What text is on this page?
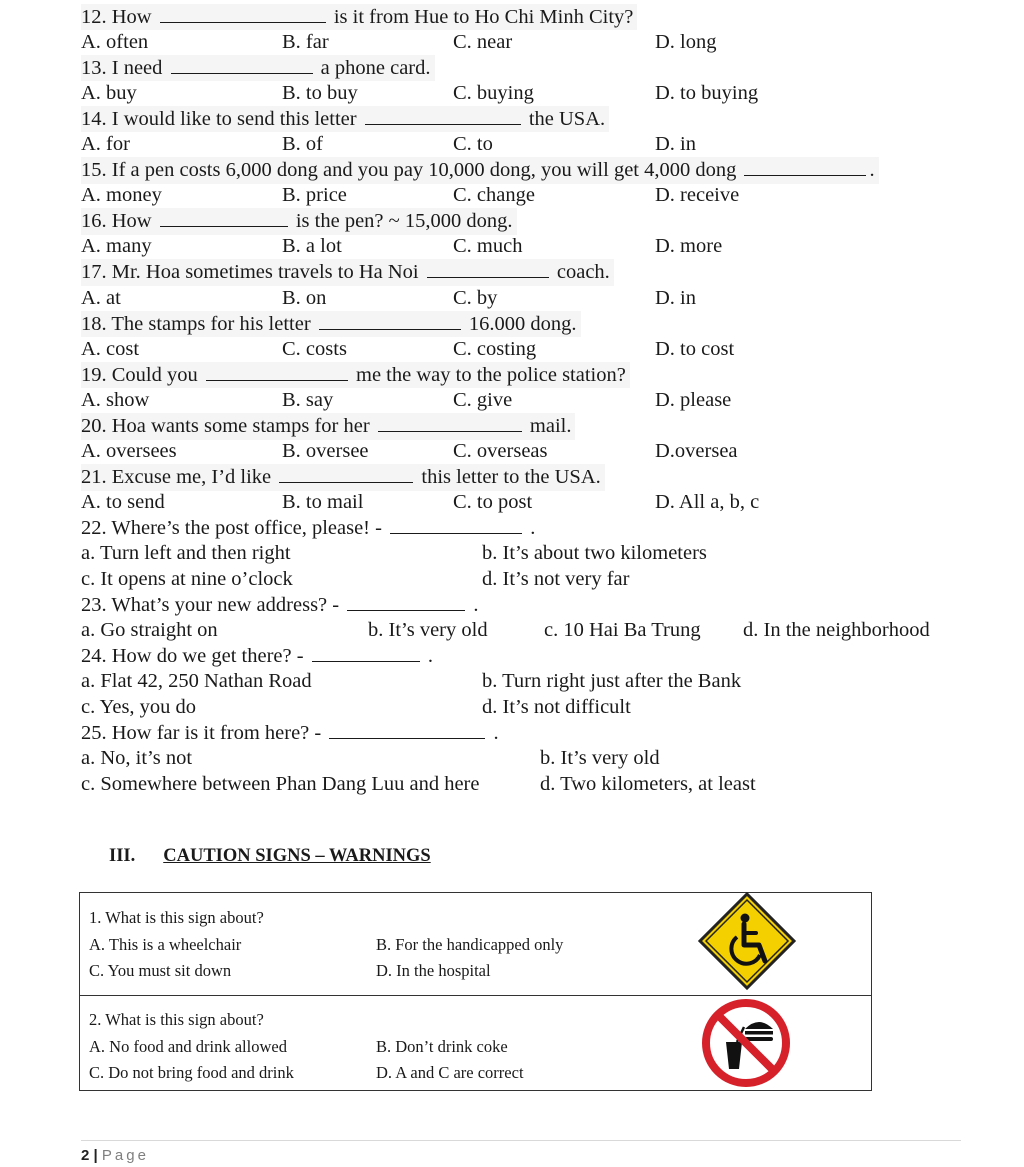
12. How	is it from Hue to Ho Chi Minh City?
A. often	B. far	C. near	D. long
13. I need	a phone card.
A. buy	B. to buy	C. buying	D. to buying
14. I would like to send this letter	the USA.
A. for	B. of	C. to	D. in
15. If a pen costs 6,000 dong and you pay 10,000 dong, you will get 4,000 dong	.
A. money	B. price	C. change	D. receive
16. How	is the pen? ~ 15,000 dong.
A. many	B. a lot	C. much	D. more
17. Mr. Hoa sometimes travels to Ha Noi	coach.
A. at	B. on	C. by	D. in
18. The stamps for his letter	16.000 dong.
A. cost	C. costs	C. costing	D. to cost
19. Could you	me the way to the police station?
A. show	B. say	C. give	D. please
20. Hoa wants some stamps for her	mail.
A. oversees	B. oversee	C. overseas	D.oversea
21. Excuse me, I’d like	this letter to the USA.
A. to send	B. to mail	C. to post	D. All a, b, c
22. Where’s the post office, please! -	.
a. Turn left and then right	b. It’s about two kilometers
c. It opens at nine o’clock	d. It’s not very far
23. What’s your new address? -	.
a. Go straight on	b. It’s very old	c. 10 Hai Ba Trung	d. In the neighborhood
24. How do we get there? -	.
a. Flat 42, 250 Nathan Road	b. Turn right just after the Bank
c. Yes, you do	d. It’s not difficult
25. How far is it from here? -	.
a. No, it’s not	b. It’s very old
c. Somewhere between Phan Dang Luu and here	d. Two kilometers, at least
III. CAUTION SIGNS – WARNINGS
1. What is this sign about?
A. This is a wheelchair	B. For the handicapped only
C. You must sit down	D. In the hospital
2. What is this sign about?
A. No food and drink allowed	B. Don’t drink coke
C. Do not bring food and drink	D. A and C are correct
2 | Page
